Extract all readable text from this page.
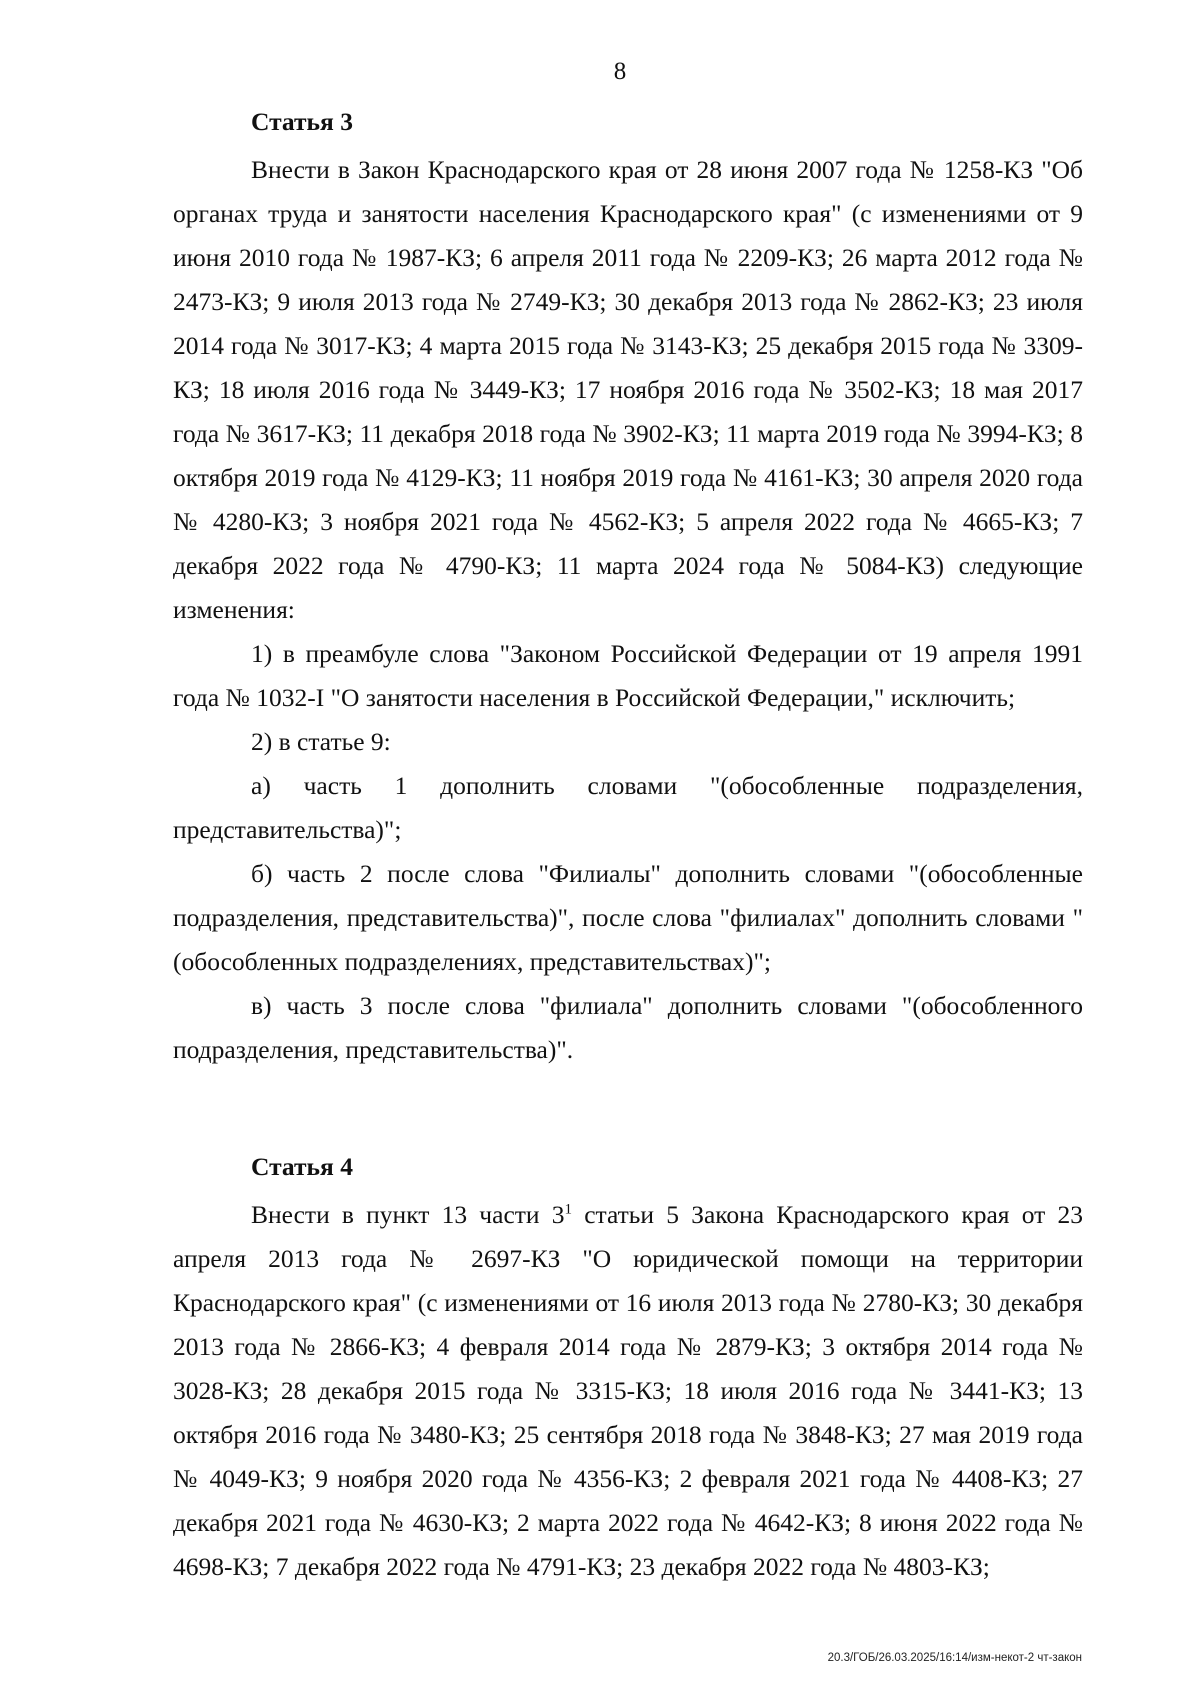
8

Статья 3

Внести в Закон Краснодарского края от 28 июня 2007 года № 1258-КЗ "Об органах труда и занятости населения Краснодарского края" (с изменениями от 9 июня 2010 года № 1987-КЗ; 6 апреля 2011 года № 2209-КЗ; 26 марта 2012 года № 2473-КЗ; 9 июля 2013 года № 2749-КЗ; 30 декабря 2013 года № 2862-КЗ; 23 июля 2014 года № 3017-КЗ; 4 марта 2015 года № 3143-КЗ; 25 декабря 2015 года № 3309-КЗ; 18 июля 2016 года № 3449-КЗ; 17 ноября 2016 года № 3502-КЗ; 18 мая 2017 года № 3617-КЗ; 11 декабря 2018 года № 3902-КЗ; 11 марта 2019 года № 3994-КЗ; 8 октября 2019 года № 4129-КЗ; 11 ноября 2019 года № 4161-КЗ; 30 апреля 2020 года № 4280-КЗ; 3 ноября 2021 года № 4562-КЗ; 5 апреля 2022 года № 4665-КЗ; 7 декабря 2022 года № 4790-КЗ; 11 марта 2024 года № 5084-КЗ) следующие изменения:

1) в преамбуле слова "Законом Российской Федерации от 19 апреля 1991 года № 1032-I "О занятости населения в Российской Федерации," исключить;

2) в статье 9:

а) часть 1 дополнить словами "(обособленные подразделения, представительства)";

б) часть 2 после слова "Филиалы" дополнить словами "(обособленные подразделения, представительства)", после слова "филиалах" дополнить словами "(обособленных подразделениях, представительствах)";

в) часть 3 после слова "филиала" дополнить словами "(обособленного подразделения, представительства)".

Статья 4

Внести в пункт 13 части $3^1$ статьи 5 Закона Краснодарского края от 23 апреля 2013 года № 2697-КЗ "О юридической помощи на территории Краснодарского края" (с изменениями от 16 июля 2013 года № 2780-КЗ; 30 декабря 2013 года № 2866-КЗ; 4 февраля 2014 года № 2879-КЗ; 3 октября 2014 года № 3028-КЗ; 28 декабря 2015 года № 3315-КЗ; 18 июля 2016 года № 3441-КЗ; 13 октября 2016 года № 3480-КЗ; 25 сентября 2018 года № 3848-КЗ; 27 мая 2019 года № 4049-КЗ; 9 ноября 2020 года № 4356-КЗ; 2 февраля 2021 года № 4408-КЗ; 27 декабря 2021 года № 4630-КЗ; 2 марта 2022 года № 4642-КЗ; 8 июня 2022 года № 4698-КЗ; 7 декабря 2022 года № 4791-КЗ; 23 декабря 2022 года № 4803-КЗ;

20.3/ГОБ/26.03.2025/16:14/изм-некот-2 чт-закон
